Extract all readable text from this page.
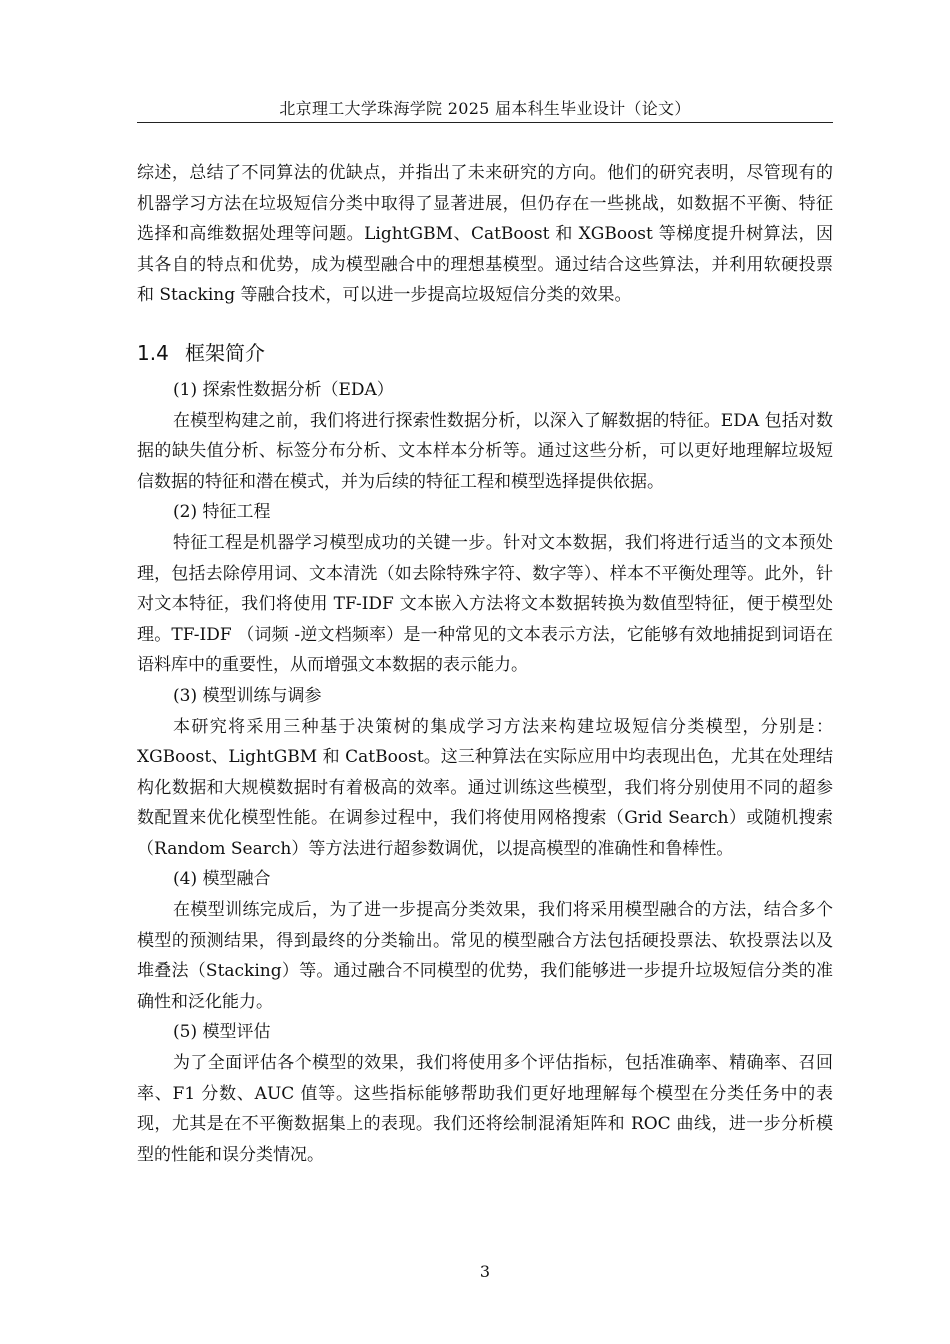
北京理工大学珠海学院 2025 届本科生毕业设计（论文）

综述，总结了不同算法的优缺点，并指出了未来研究的方向。他们的研究表明，尽管现有的机器学习方法在垃圾短信分类中取得了显著进展，但仍存在一些挑战，如数据不平衡、特征选择和高维数据处理等问题。LightGBM、CatBoost 和 XGBoost 等梯度提升树算法，因其各自的特点和优势，成为模型融合中的理想基模型。通过结合这些算法，并利用软硬投票和 Stacking 等融合技术，可以进一步提高垃圾短信分类的效果。

1.4 框架简介

(1) 探索性数据分析（EDA）

在模型构建之前，我们将进行探索性数据分析，以深入了解数据的特征。EDA 包括对数据的缺失值分析、标签分布分析、文本样本分析等。通过这些分析，可以更好地理解垃圾短信数据的特征和潜在模式，并为后续的特征工程和模型选择提供依据。

(2) 特征工程

特征工程是机器学习模型成功的关键一步。针对文本数据，我们将进行适当的文本预处理，包括去除停用词、文本清洗（如去除特殊字符、数字等）、样本不平衡处理等。此外，针对文本特征，我们将使用 TF-IDF 文本嵌入方法将文本数据转换为数值型特征，便于模型处理。TF-IDF （词频 -逆文档频率）是一种常见的文本表示方法，它能够有效地捕捉到词语在语料库中的重要性，从而增强文本数据的表示能力。

(3) 模型训练与调参

本研究将采用三种基于决策树的集成学习方法来构建垃圾短信分类模型，分别是：XGBoost、LightGBM 和 CatBoost。这三种算法在实际应用中均表现出色，尤其在处理结构化数据和大规模数据时有着极高的效率。通过训练这些模型，我们将分别使用不同的超参数配置来优化模型性能。在调参过程中，我们将使用网格搜索（Grid Search）或随机搜索（Random Search）等方法进行超参数调优，以提高模型的准确性和鲁棒性。

(4) 模型融合

在模型训练完成后，为了进一步提高分类效果，我们将采用模型融合的方法，结合多个模型的预测结果，得到最终的分类输出。常见的模型融合方法包括硬投票法、软投票法以及堆叠法（Stacking）等。通过融合不同模型的优势，我们能够进一步提升垃圾短信分类的准确性和泛化能力。

(5) 模型评估

为了全面评估各个模型的效果，我们将使用多个评估指标，包括准确率、精确率、召回率、F1 分数、AUC 值等。这些指标能够帮助我们更好地理解每个模型在分类任务中的表现，尤其是在不平衡数据集上的表现。我们还将绘制混淆矩阵和 ROC 曲线，进一步分析模型的性能和误分类情况。

3
